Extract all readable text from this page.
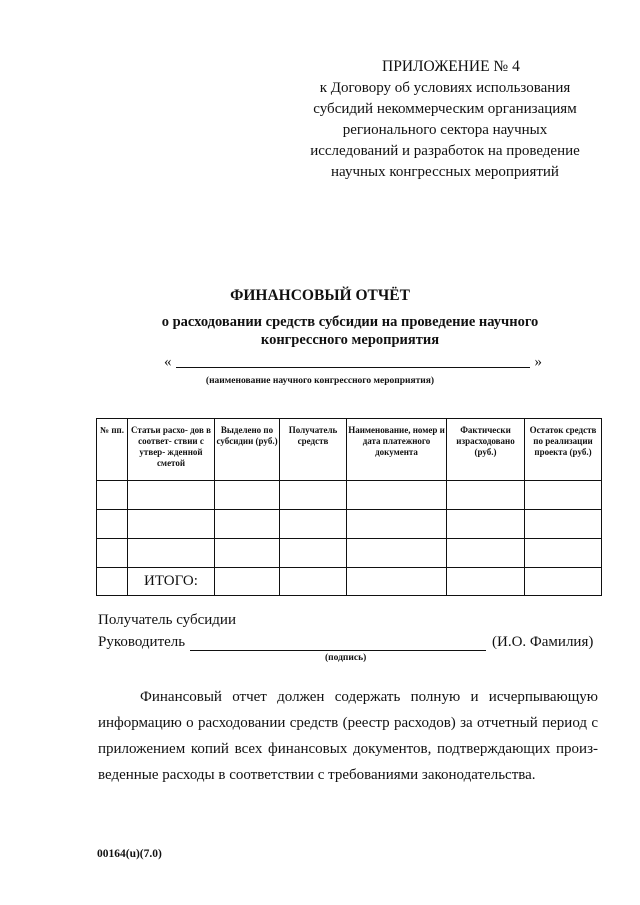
ПРИЛОЖЕНИЕ № 4
к Договору об условиях использования субсидий некоммерческим организациям регионального сектора научных исследований и разработок на проведение научных конгрессных мероприятий
ФИНАНСОВЫЙ ОТЧЁТ
о расходовании средств субсидии на проведение научного конгрессного мероприятия
«	»
(наименование научного конгрессного мероприятия)
№ пп.	Статьи расхо- дов в соответ- ствии с утвер- жденной сметой	Выделено по субсидии (руб.)	Получатель средств	Наименование, номер и дата платежного документа	Фактически израсходовано (руб.)	Остаток средств по реализации проекта (руб.)

	ИТОГО:					
Получатель субсидии
Руководитель	(И.О. Фамилия)
(подпись)
Финансовый отчет должен содержать полную и исчерпывающую информацию о расходовании средств (реестр расходов) за отчетный период с приложением копий всех финансовых документов, подтверждающих произ- веденные расходы в соответствии с требованиями законодательства.
00164(u)(7.0)
